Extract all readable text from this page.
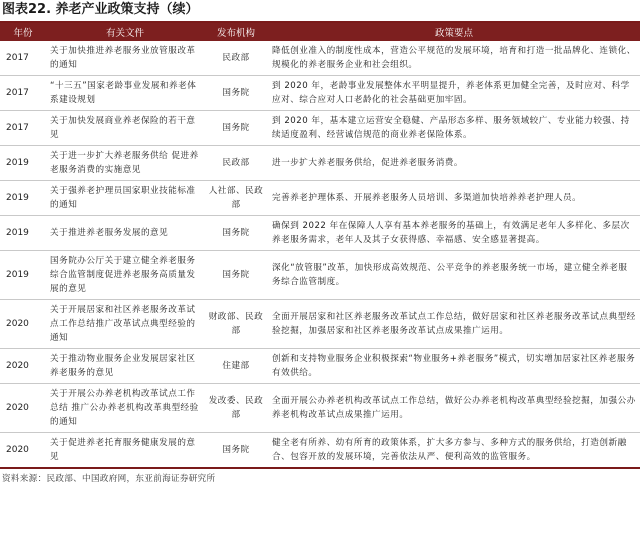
图表22. 养老产业政策支持（续）
年份	有关文件	发布机构	政策要点
2017	关于加快推进养老服务业放管服改革的通知	民政部	降低创业准入的制度性成本，营造公平规范的发展环境，培育和打造一批品牌化、连锁化、规模化的养老服务企业和社会组织。
2017	“十三五”国家老龄事业发展和养老体系建设规划	国务院	到 2020 年，老龄事业发展整体水平明显提升，养老体系更加健全完善，及时应对、科学应对、综合应对人口老龄化的社会基础更加牢固。
2017	关于加快发展商业养老保险的若干意见	国务院	到 2020 年，基本建立运营安全稳健、产品形态多样、服务领域较广、专业能力较强、持续适度盈利、经营诚信规范的商业养老保险体系。
2019	关于进一步扩大养老服务供给 促进养老服务消费的实施意见	民政部	进一步扩大养老服务供给，促进养老服务消费。
2019	关于强养老护理员国家职业技能标准的通知	人社部、民政部	完善养老护理体系、开展养老服务人员培训、多渠道加快培养养老护理人员。
2019	关于推进养老服务发展的意见	国务院	确保到 2022 年在保障人人享有基本养老服务的基础上，有效满足老年人多样化、多层次养老服务需求，老年人及其子女获得感、幸福感、安全感显著提高。
2019	国务院办公厅关于建立健全养老服务综合监管制度促进养老服务高质量发展的意见	国务院	深化“放管服”改革，加快形成高效规范、公平竞争的养老服务统一市场，建立健全养老服务综合监管制度。
2020	关于开展居家和社区养老服务改革试点工作总结推广改革试点典型经验的通知	财政部、民政部	全面开展居家和社区养老服务改革试点工作总结，做好居家和社区养老服务改革试点典型经验挖掘，加强居家和社区养老服务改革试点成果推广运用。
2020	关于推动物业服务企业发展居家社区养老服务的意见	住建部	创新和支持物业服务企业积极探索“物业服务+养老服务”模式，切实增加居家社区养老服务有效供给。
2020	关于开展公办养老机构改革试点工作总结 推广公办养老机构改革典型经验的通知	发改委、民政部	全面开展公办养老机构改革试点工作总结，做好公办养老机构改革典型经验挖掘，加强公办养老机构改革试点成果推广运用。
2020	关于促进养老托育服务健康发展的意见	国务院	健全老有所养、幼有所育的政策体系，扩大多方参与、多种方式的服务供给，打造创新融合、包容开放的发展环境，完善依法从严、便利高效的监管服务。
资料来源：民政部、中国政府网，东亚前海证券研究所
